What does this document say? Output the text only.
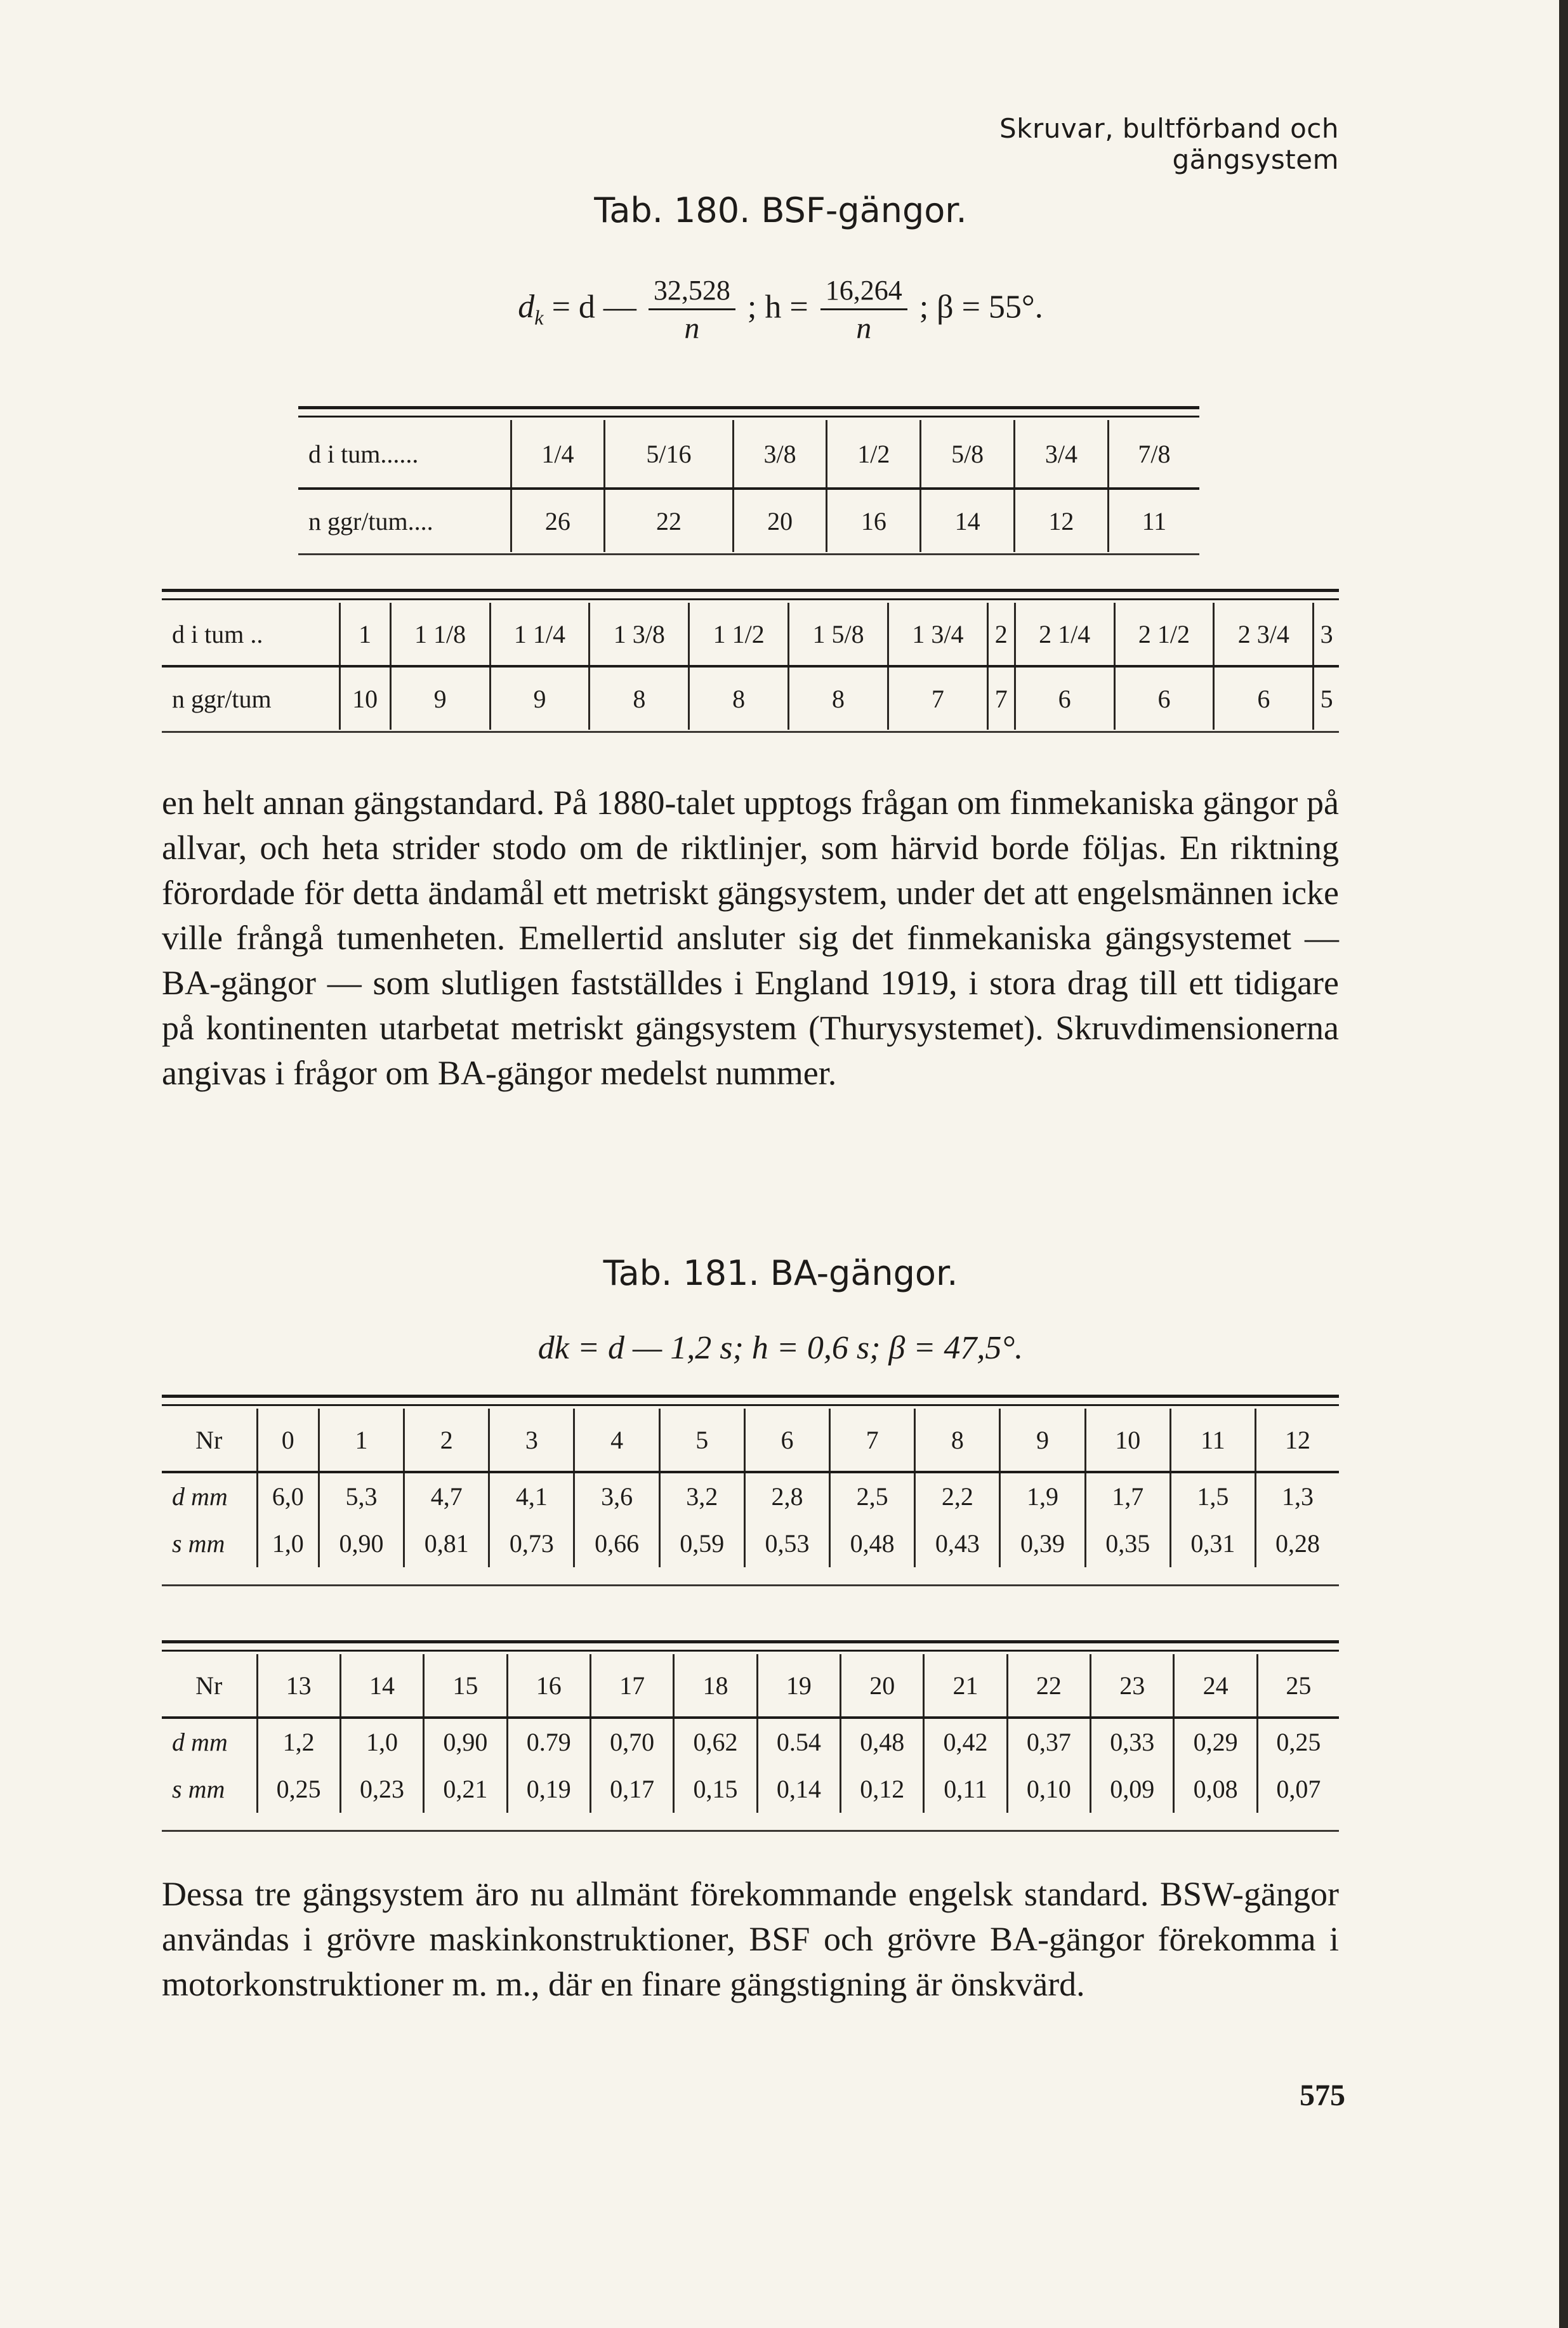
Skruvar, bultförband och gängsystem
Tab. 180. BSF-gängor.
$d_k = d$ — $\frac{32,528}{n}$ ; $h = \frac{16,264}{n}$ ; β = 55°.
d i tum......	1/4	5/16	3/8	1/2	5/8	3/4	7/8
n ggr/tum....	26	22	20	16	14	12	11
d i tum ..	1	1 1/8	1 1/4	1 3/8	1 1/2	1 5/8	1 3/4	2	2 1/4	2 1/2	2 3/4	3
n ggr/tum	10	9	9	8	8	8	7	7	6	6	6	5
en helt annan gängstandard. På 1880-talet upptogs frågan om finmekaniska gängor på allvar, och heta strider stodo om de riktlinjer, som härvid borde följas. En riktning förordade för detta ändamål ett metriskt gängsystem, under det att engelsmännen icke ville frångå tumenheten. Emellertid ansluter sig det finmekaniska gängsystemet — BA-gängor — som slutligen fastställdes i England 1919, i stora drag till ett tidigare på kontinenten utarbetat metriskt gängsystem (Thurysystemet). Skruvdimensionerna angivas i frågor om BA-gängor medelst nummer.
Tab. 181. BA-gängor.
dk = d — 1,2 s; h = 0,6 s; β = 47,5°.
Nr	0	1	2	3	4	5	6	7	8	9	10	11	12
d mm	6,0	5,3	4,7	4,1	3,6	3,2	2,8	2,5	2,2	1,9	1,7	1,5	1,3
s mm	1,0	0,90	0,81	0,73	0,66	0,59	0,53	0,48	0,43	0,39	0,35	0,31	0,28
Nr	13	14	15	16	17	18	19	20	21	22	23	24	25
d mm	1,2	1,0	0,90	0.79	0,70	0,62	0.54	0,48	0,42	0,37	0,33	0,29	0,25
s mm	0,25	0,23	0,21	0,19	0,17	0,15	0,14	0,12	0,11	0,10	0,09	0,08	0,07
Dessa tre gängsystem äro nu allmänt förekommande engelsk standard. BSW-gängor användas i grövre maskinkonstruktioner, BSF och grövre BA-gängor förekomma i motorkonstruktioner m. m., där en finare gängstigning är önskvärd.
575
